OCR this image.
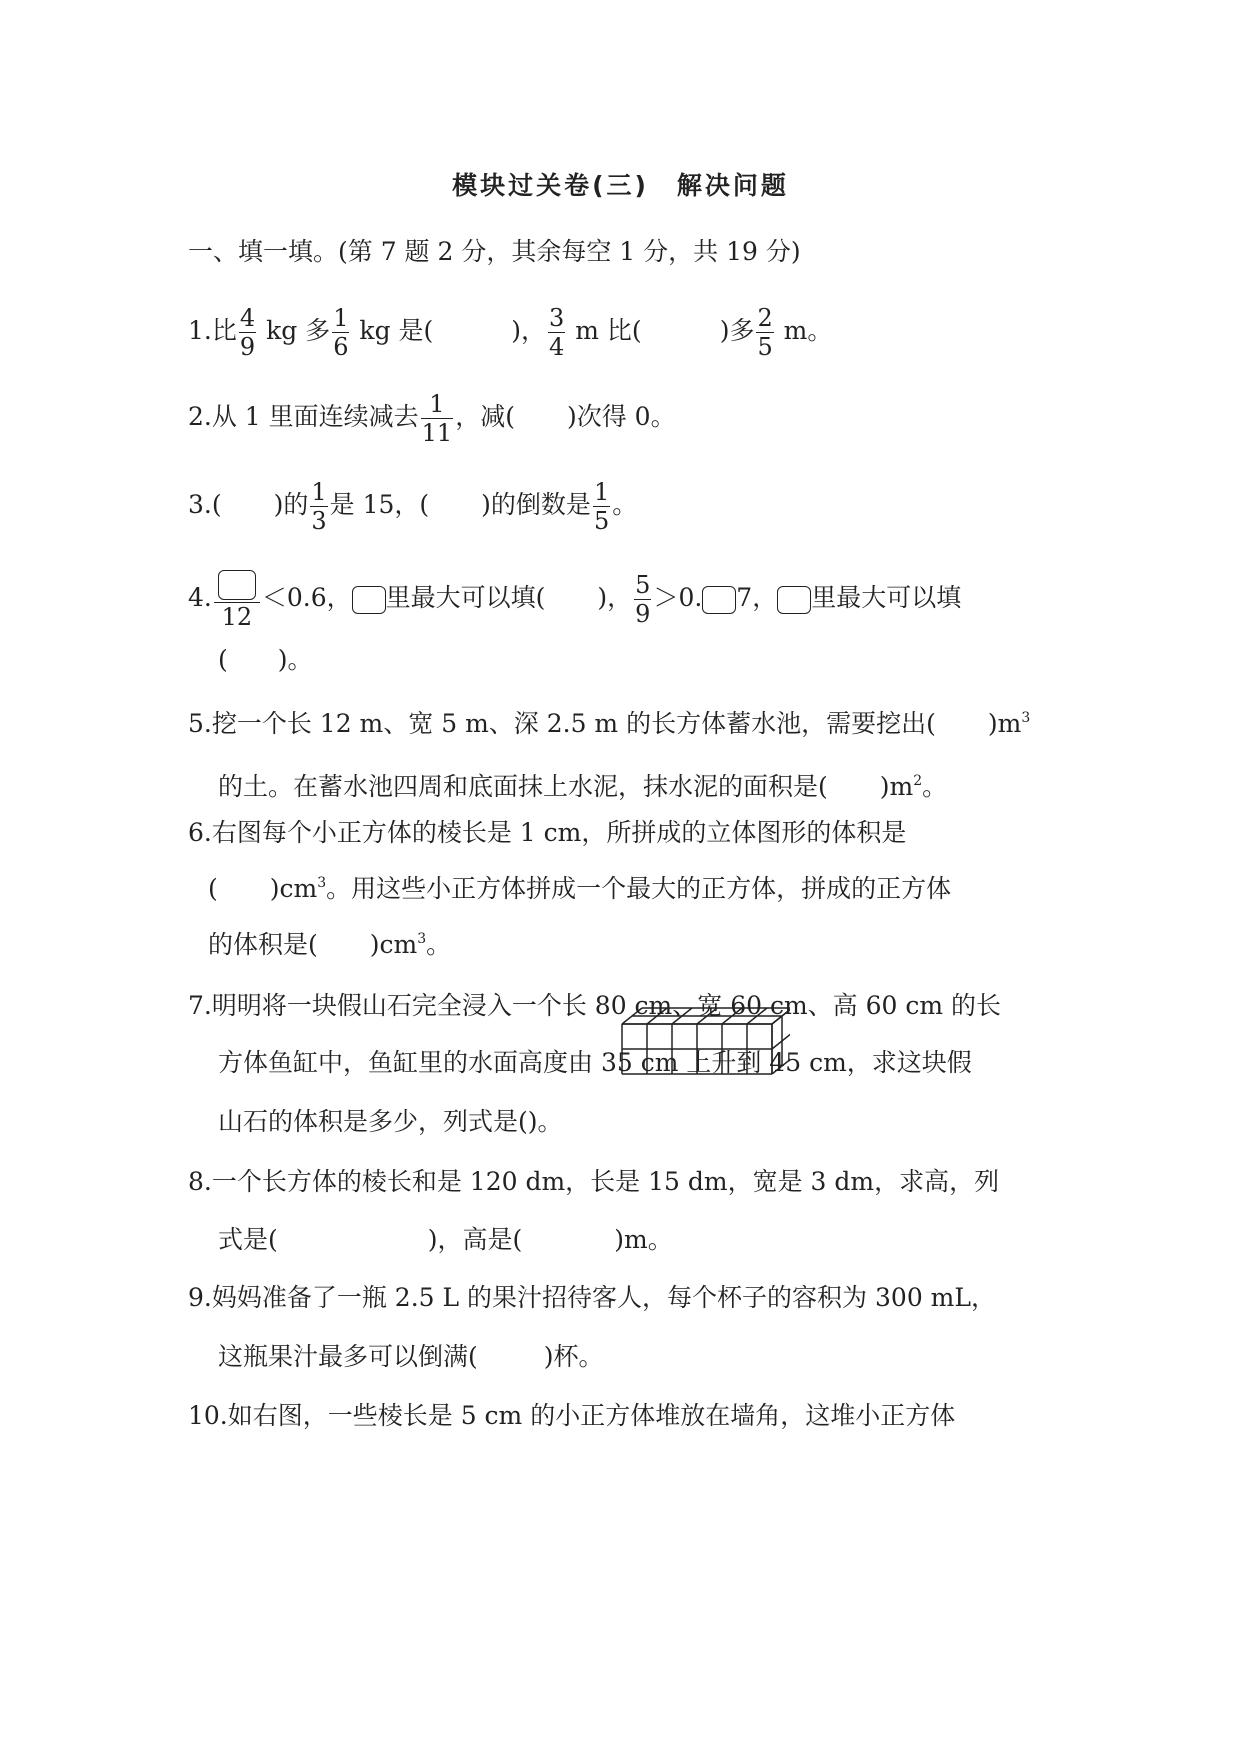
模块过关卷(三)　解决问题
一、填一填。(第 7 题 2 分，其余每空 1 分，共 19 分)
1.比 $\frac{4}{9}$ kg 多 $\frac{1}{6}$ kg 是(	)， $\frac{3}{4}$ m 比(	)多 $\frac{2}{5}$ m。
2.从 1 里面连续减去 $\frac{1}{11}$ ，减( )次得 0。
3.( )的 $\frac{1}{3}$ 是 15，( )的倒数是 $\frac{1}{5}$ 。
4.
12
＜0.6， 里最大可以填( )， $\frac{5}{9} >0$. 7， 里最大可以填
(　　)。
5.挖一个长 12 m、宽 5 m、深 2.5 m 的长方体蓄水池，需要挖出( )$m^3$
的土。在蓄水池四周和底面抹上水泥，抹水泥的面积是( )$m^2$。
6.右图每个小正方体的棱长是 1 cm，所拼成的立体图形的体积是
( )$cm^3$。用这些小正方体拼成一个最大的正方体，拼成的正方体
的体积是( )$cm^3$。
7.明明将一块假山石完全浸入一个长 80 cm、宽 60 cm、高 60 cm 的长
方体鱼缸中，鱼缸里的水面高度由 35 cm 上升到 45 cm，求这块假
山石的体积是多少，列式是()。
8.一个长方体的棱长和是 120 dm，长是 15 dm，宽是 3 dm，求高，列
式是(	)，高是(	)m。
9.妈妈准备了一瓶 2.5 L 的果汁招待客人，每个杯子的容积为 300 mL，
这瓶果汁最多可以倒满(	)杯。
10.如右图，一些棱长是 5 cm 的小正方体堆放在墙角，这堆小正方体
